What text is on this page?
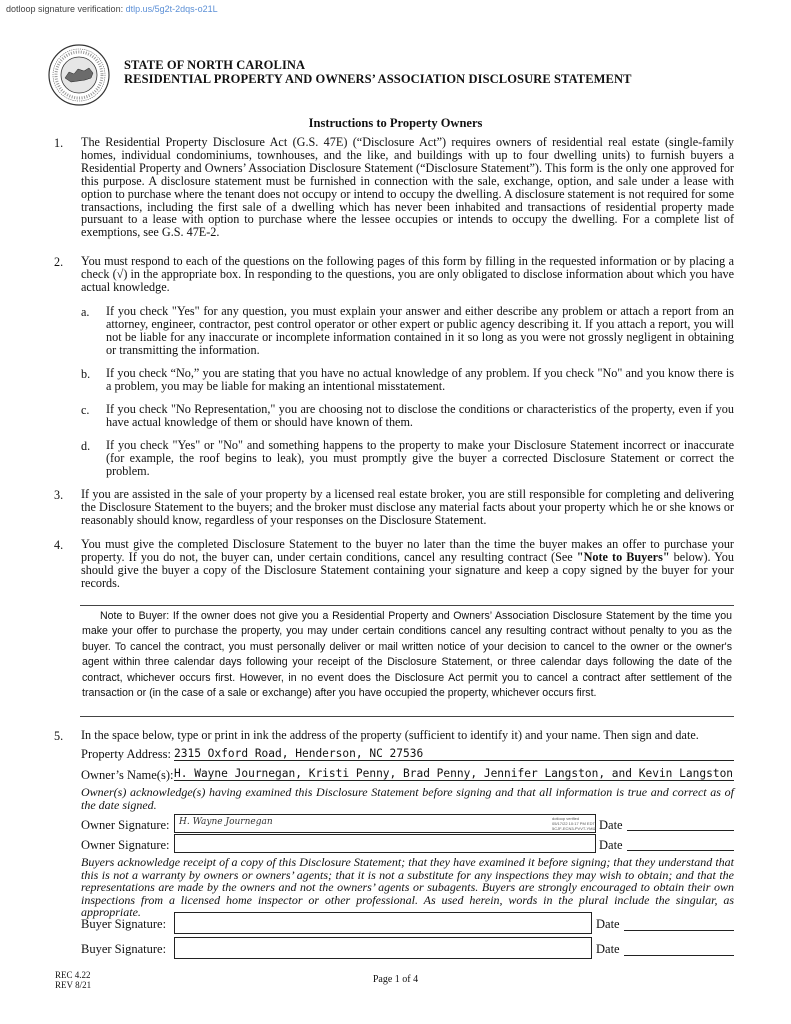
dotloop signature verification: dtlp.us/5g2t-2dqs-o21L
STATE OF NORTH CAROLINA
RESIDENTIAL PROPERTY AND OWNERS’ ASSOCIATION DISCLOSURE STATEMENT
Instructions to Property Owners
1. The Residential Property Disclosure Act (G.S. 47E) (“Disclosure Act”) requires owners of residential real estate (single-family homes, individual condominiums, townhouses, and the like, and buildings with up to four dwelling units) to furnish buyers a Residential Property and Owners’ Association Disclosure Statement (“Disclosure Statement”). This form is the only one approved for this purpose. A disclosure statement must be furnished in connection with the sale, exchange, option, and sale under a lease with option to purchase where the tenant does not occupy or intend to occupy the dwelling. A disclosure statement is not required for some transactions, including the first sale of a dwelling which has never been inhabited and transactions of residential property made pursuant to a lease with option to purchase where the lessee occupies or intends to occupy the dwelling. For a complete list of exemptions, see G.S. 47E-2.
2. You must respond to each of the questions on the following pages of this form by filling in the requested information or by placing a check (√) in the appropriate box. In responding to the questions, you are only obligated to disclose information about which you have actual knowledge.
a. If you check "Yes" for any question, you must explain your answer and either describe any problem or attach a report from an attorney, engineer, contractor, pest control operator or other expert or public agency describing it. If you attach a report, you will not be liable for any inaccurate or incomplete information contained in it so long as you were not grossly negligent in obtaining or transmitting the information.
b. If you check “No,” you are stating that you have no actual knowledge of any problem. If you check "No" and you know there is a problem, you may be liable for making an intentional misstatement.
c. If you check "No Representation," you are choosing not to disclose the conditions or characteristics of the property, even if you have actual knowledge of them or should have known of them.
d. If you check "Yes" or "No" and something happens to the property to make your Disclosure Statement incorrect or inaccurate (for example, the roof begins to leak), you must promptly give the buyer a corrected Disclosure Statement or correct the problem.
3. If you are assisted in the sale of your property by a licensed real estate broker, you are still responsible for completing and delivering the Disclosure Statement to the buyers; and the broker must disclose any material facts about your property which he or she knows or reasonably should know, regardless of your responses on the Disclosure Statement.
4. You must give the completed Disclosure Statement to the buyer no later than the time the buyer makes an offer to purchase your property. If you do not, the buyer can, under certain conditions, cancel any resulting contract (See "Note to Buyers" below). You should give the buyer a copy of the Disclosure Statement containing your signature and keep a copy signed by the buyer for your records.
Note to Buyer: If the owner does not give you a Residential Property and Owners’ Association Disclosure Statement by the time you make your offer to purchase the property, you may under certain conditions cancel any resulting contract without penalty to you as the buyer. To cancel the contract, you must personally deliver or mail written notice of your decision to cancel to the owner or the owner's agent within three calendar days following your receipt of the Disclosure Statement, or three calendar days following the date of the contract, whichever occurs first. However, in no event does the Disclosure Act permit you to cancel a contract after settlement of the transaction or (in the case of a sale or exchange) after you have occupied the property, whichever occurs first.
5. In the space below, type or print in ink the address of the property (sufficient to identify it) and your name. Then sign and date.
Property Address: 2315 Oxford Road, Henderson, NC 27536
Owner’s Name(s): H. Wayne Journegan, Kristi Penny, Brad Penny, Jennifer Langston, and Kevin Langston
Owner(s) acknowledge(s) having examined this Disclosure Statement before signing and that all information is true and correct as of the date signed.
Owner Signature: H. Wayne Journegan	dotloop verified
05/17/22 10:17 PM EDT
5CJF-ECN3-PVVT-YMIZ Date
Owner Signature:	Date
Buyers acknowledge receipt of a copy of this Disclosure Statement; that they have examined it before signing; that they understand that this is not a warranty by owners or owners’ agents; that it is not a substitute for any inspections they may wish to obtain; and that the representations are made by the owners and not the owners’ agents or subagents. Buyers are strongly encouraged to obtain their own inspections from a licensed home inspector or other professional. As used herein, words in the plural include the singular, as appropriate.
Buyer Signature:	Date
Buyer Signature:	Date
REC 4.22
REV 8/21	Page 1 of 4
